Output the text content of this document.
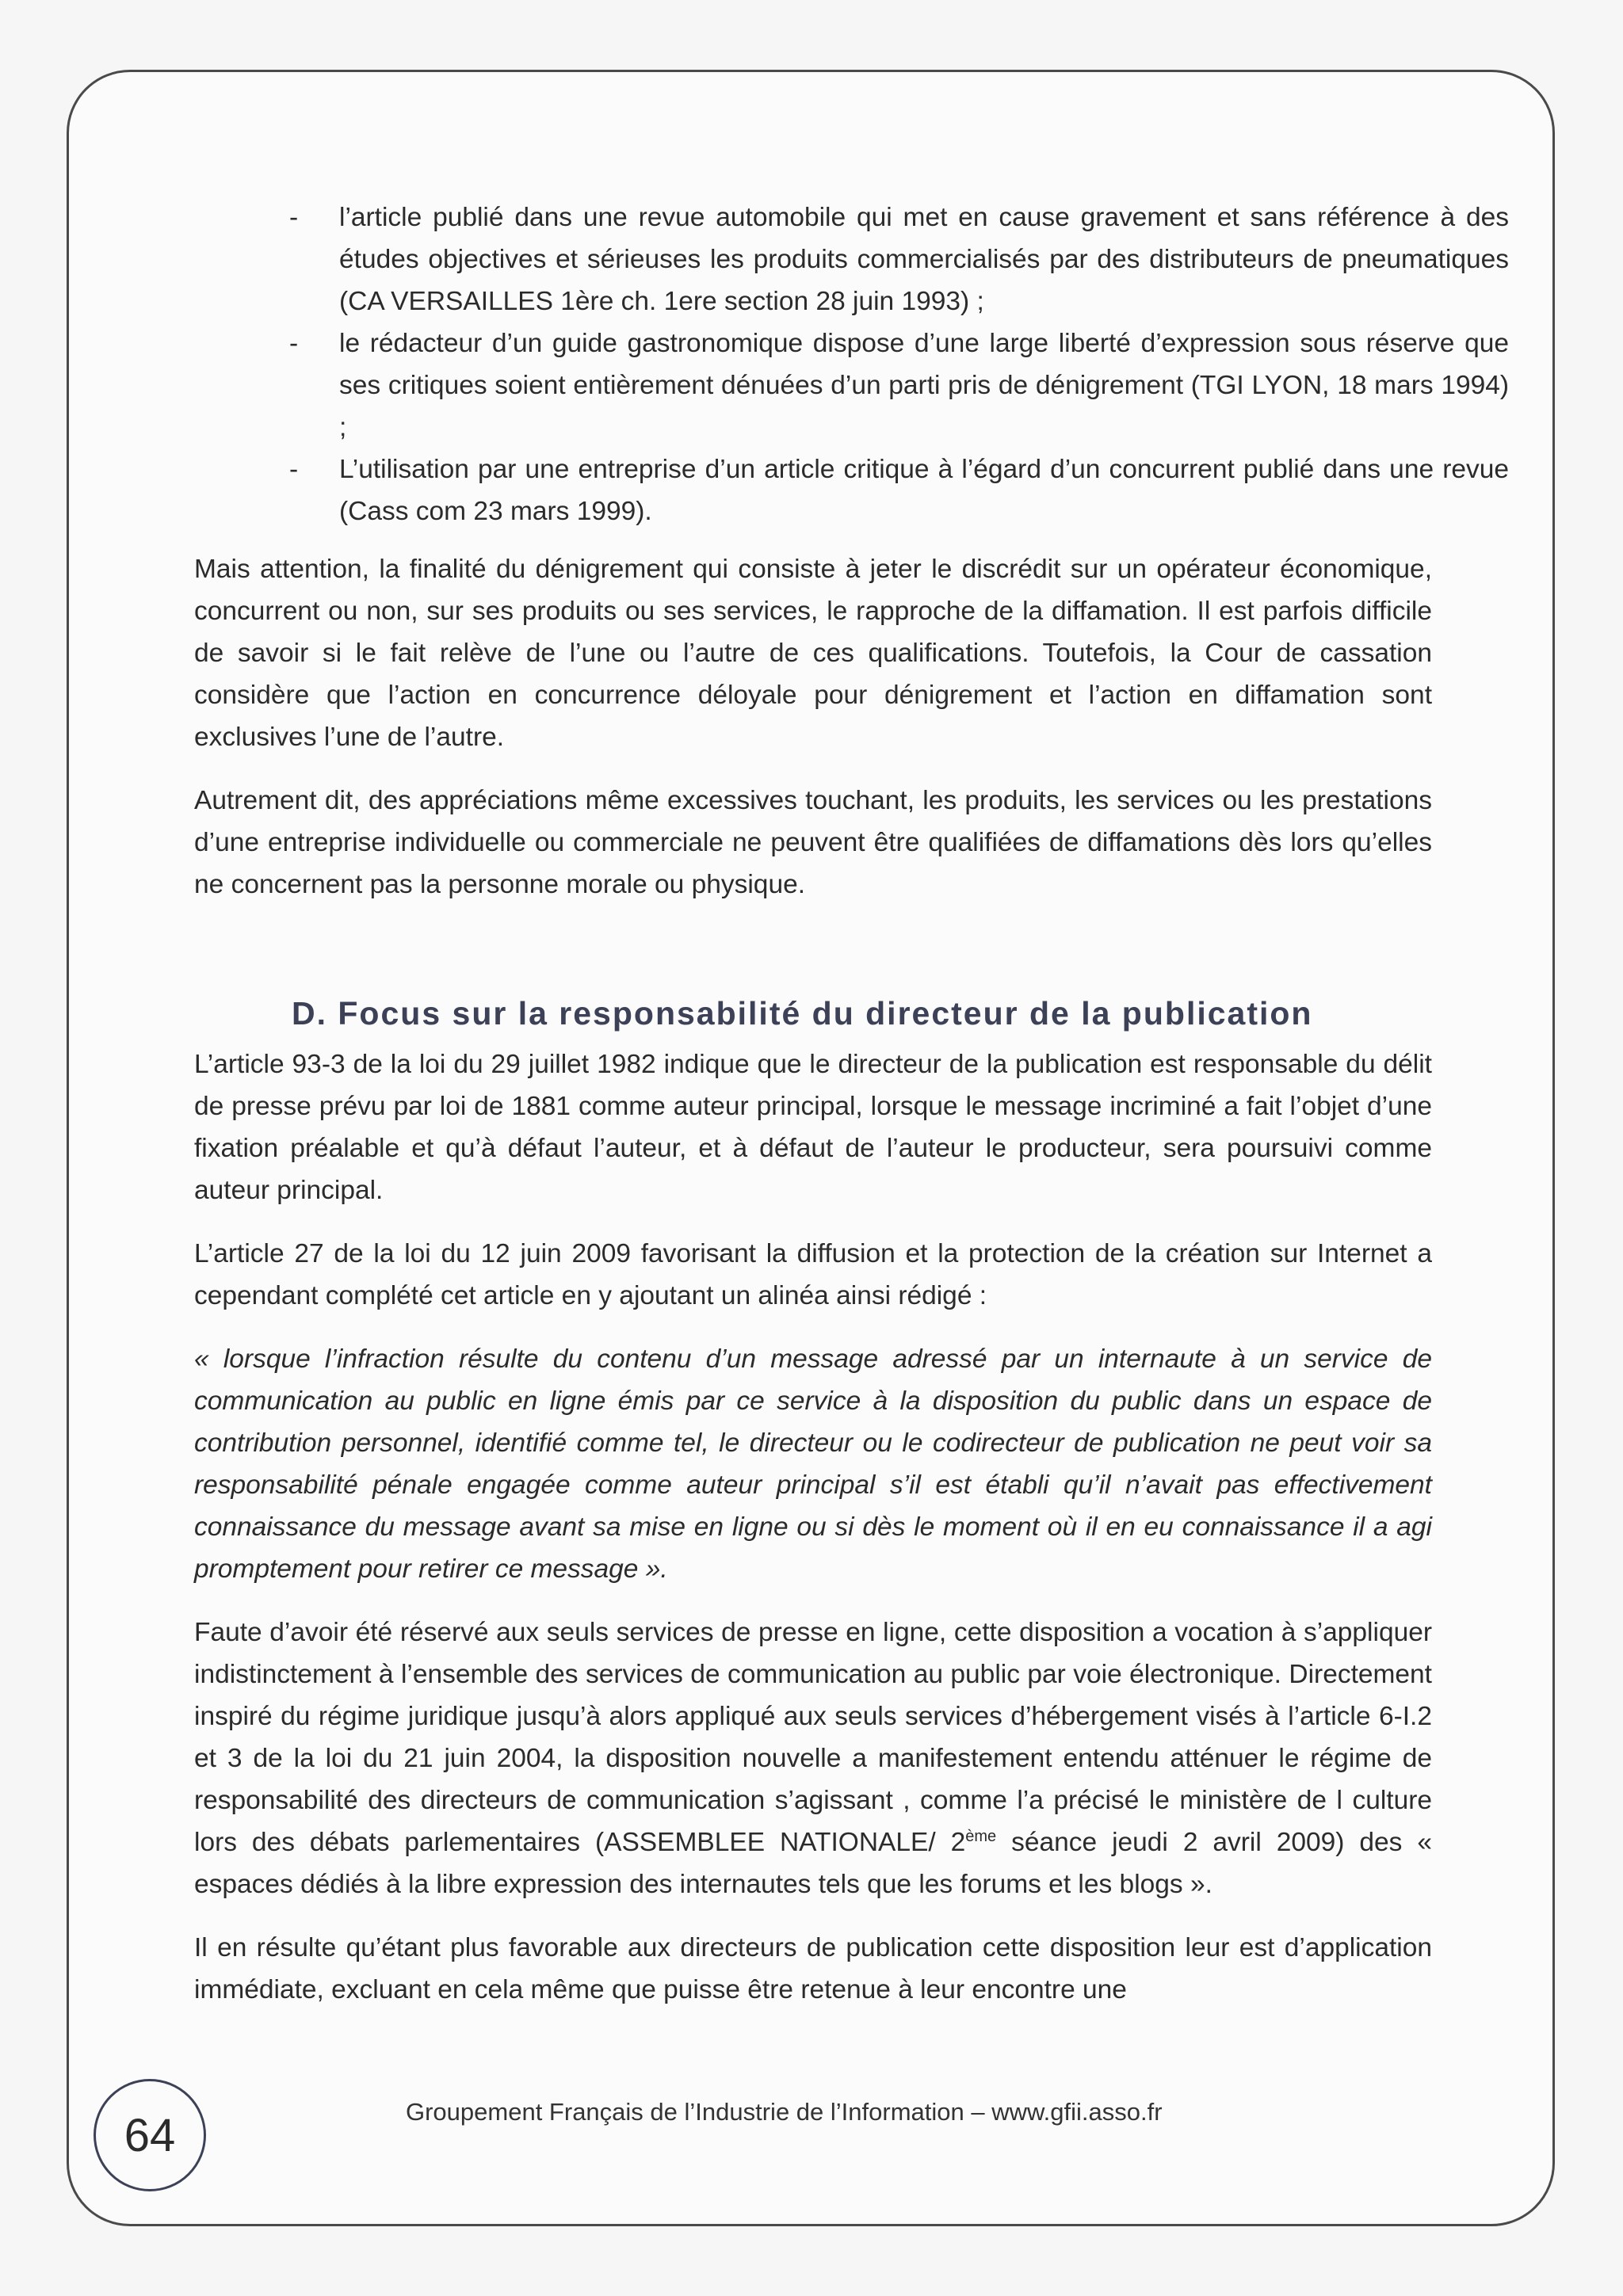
- l’article publié dans une revue automobile qui met en cause gravement et sans référence à des études objectives et sérieuses les produits commercialisés par des distributeurs de pneumatiques (CA VERSAILLES 1ère ch. 1ere section 28 juin 1993) ;
- le rédacteur d’un guide gastronomique dispose d’une large liberté d’expression sous réserve que ses critiques soient entièrement dénuées d’un parti pris de dénigrement (TGI LYON, 18 mars 1994) ;
- L’utilisation par une entreprise d’un article critique à l’égard d’un concurrent publié dans une revue (Cass com 23 mars 1999).

Mais attention, la finalité du dénigrement qui consiste à jeter le discrédit sur un opérateur économique, concurrent ou non, sur ses produits ou ses services, le rapproche de la diffamation. Il est parfois difficile de savoir si le fait relève de l’une ou l’autre de ces qualifications. Toutefois, la Cour de cassation considère que l’action en concurrence déloyale pour dénigrement et l’action en diffamation sont exclusives l’une de l’autre.

Autrement dit, des appréciations même excessives touchant, les produits, les services ou les prestations d’une entreprise individuelle ou commerciale ne peuvent être qualifiées de diffamations dès lors qu’elles ne concernent pas la personne morale ou physique.

D. Focus sur la responsabilité du directeur de la publication

L’article 93-3 de la loi du 29 juillet 1982 indique que le directeur de la publication est responsable du délit de presse prévu par loi de 1881 comme auteur principal, lorsque le message incriminé a fait l’objet d’une fixation préalable et qu’à défaut l’auteur, et à défaut de l’auteur le producteur, sera poursuivi comme auteur principal.

L’article 27 de la loi du 12 juin 2009 favorisant la diffusion et la protection de la création sur Internet a cependant complété cet article en y ajoutant un alinéa ainsi rédigé :

« lorsque l’infraction résulte du contenu d’un message adressé par un internaute à un service de communication au public en ligne émis par ce service à la disposition du public dans un espace de contribution personnel, identifié comme tel, le directeur ou le codirecteur de publication ne peut voir sa responsabilité pénale engagée comme auteur principal s’il est établi qu’il n’avait pas effectivement connaissance du message avant sa mise en ligne ou si dès le moment où il en eu connaissance il a agi promptement pour retirer ce message ».

Faute d’avoir été réservé aux seuls services de presse en ligne, cette disposition a vocation à s’appliquer indistinctement à l’ensemble des services de communication au public par voie électronique. Directement inspiré du régime juridique jusqu’à alors appliqué aux seuls services d’hébergement visés à l’article 6-I.2 et 3 de la loi du 21 juin 2004, la disposition nouvelle a manifestement entendu atténuer le régime de responsabilité des directeurs de communication s’agissant , comme l’a précisé le ministère de l culture lors des débats parlementaires (ASSEMBLEE NATIONALE/ 2ème séance jeudi 2 avril 2009) des « espaces dédiés à la libre expression des internautes tels que les forums et les blogs ».

Il en résulte qu’étant plus favorable aux directeurs de publication cette disposition leur est d’application immédiate, excluant en cela même que puisse être retenue à leur encontre une

64	Groupement Français de l’Industrie de l’Information – www.gfii.asso.fr
